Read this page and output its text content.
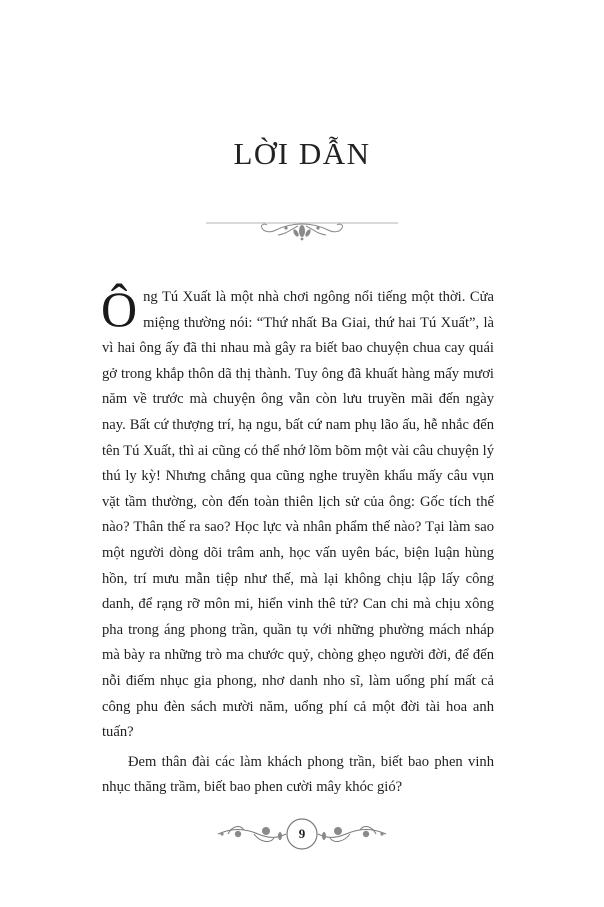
LỜI DẪN

Ông Tú Xuất là một nhà chơi ngông nổi tiếng một thời. Cửa miệng thường nói: “Thứ nhất Ba Giai, thứ hai Tú Xuất”, là vì hai ông ấy đã thi nhau mà gây ra biết bao chuyện chua cay quái gở trong khắp thôn dã thị thành. Tuy ông đã khuất hàng mấy mươi năm về trước mà chuyện ông vẫn còn lưu truyền mãi đến ngày nay. Bất cứ thượng trí, hạ ngu, bất cứ nam phụ lão ấu, hễ nhắc đến tên Tú Xuất, thì ai cũng có thể nhớ lõm bõm một vài câu chuyện lý thú ly kỳ! Nhưng chẳng qua cũng nghe truyền khẩu mấy câu vụn vặt tầm thường, còn đến toàn thiên lịch sử của ông: Gốc tích thế nào? Thân thế ra sao? Học lực và nhân phẩm thế nào? Tại làm sao một người dòng dõi trâm anh, học vấn uyên bác, biện luận hùng hồn, trí mưu mẫn tiệp như thế, mà lại không chịu lập lấy công danh, để rạng rỡ môn mi, hiển vinh thê tử? Can chi mà chịu xông pha trong áng phong trần, quần tụ với những phường mách nháp mà bày ra những trò ma chước quỷ, chòng ghẹo người đời, để đến nỗi điếm nhục gia phong, nhơ danh nho sĩ, làm uổng phí mất cả công phu đèn sách mười năm, uổng phí cả một đời tài hoa anh tuấn?

Đem thân đài các làm khách phong trần, biết bao phen vinh nhục thăng trầm, biết bao phen cười mây khóc gió?

9
